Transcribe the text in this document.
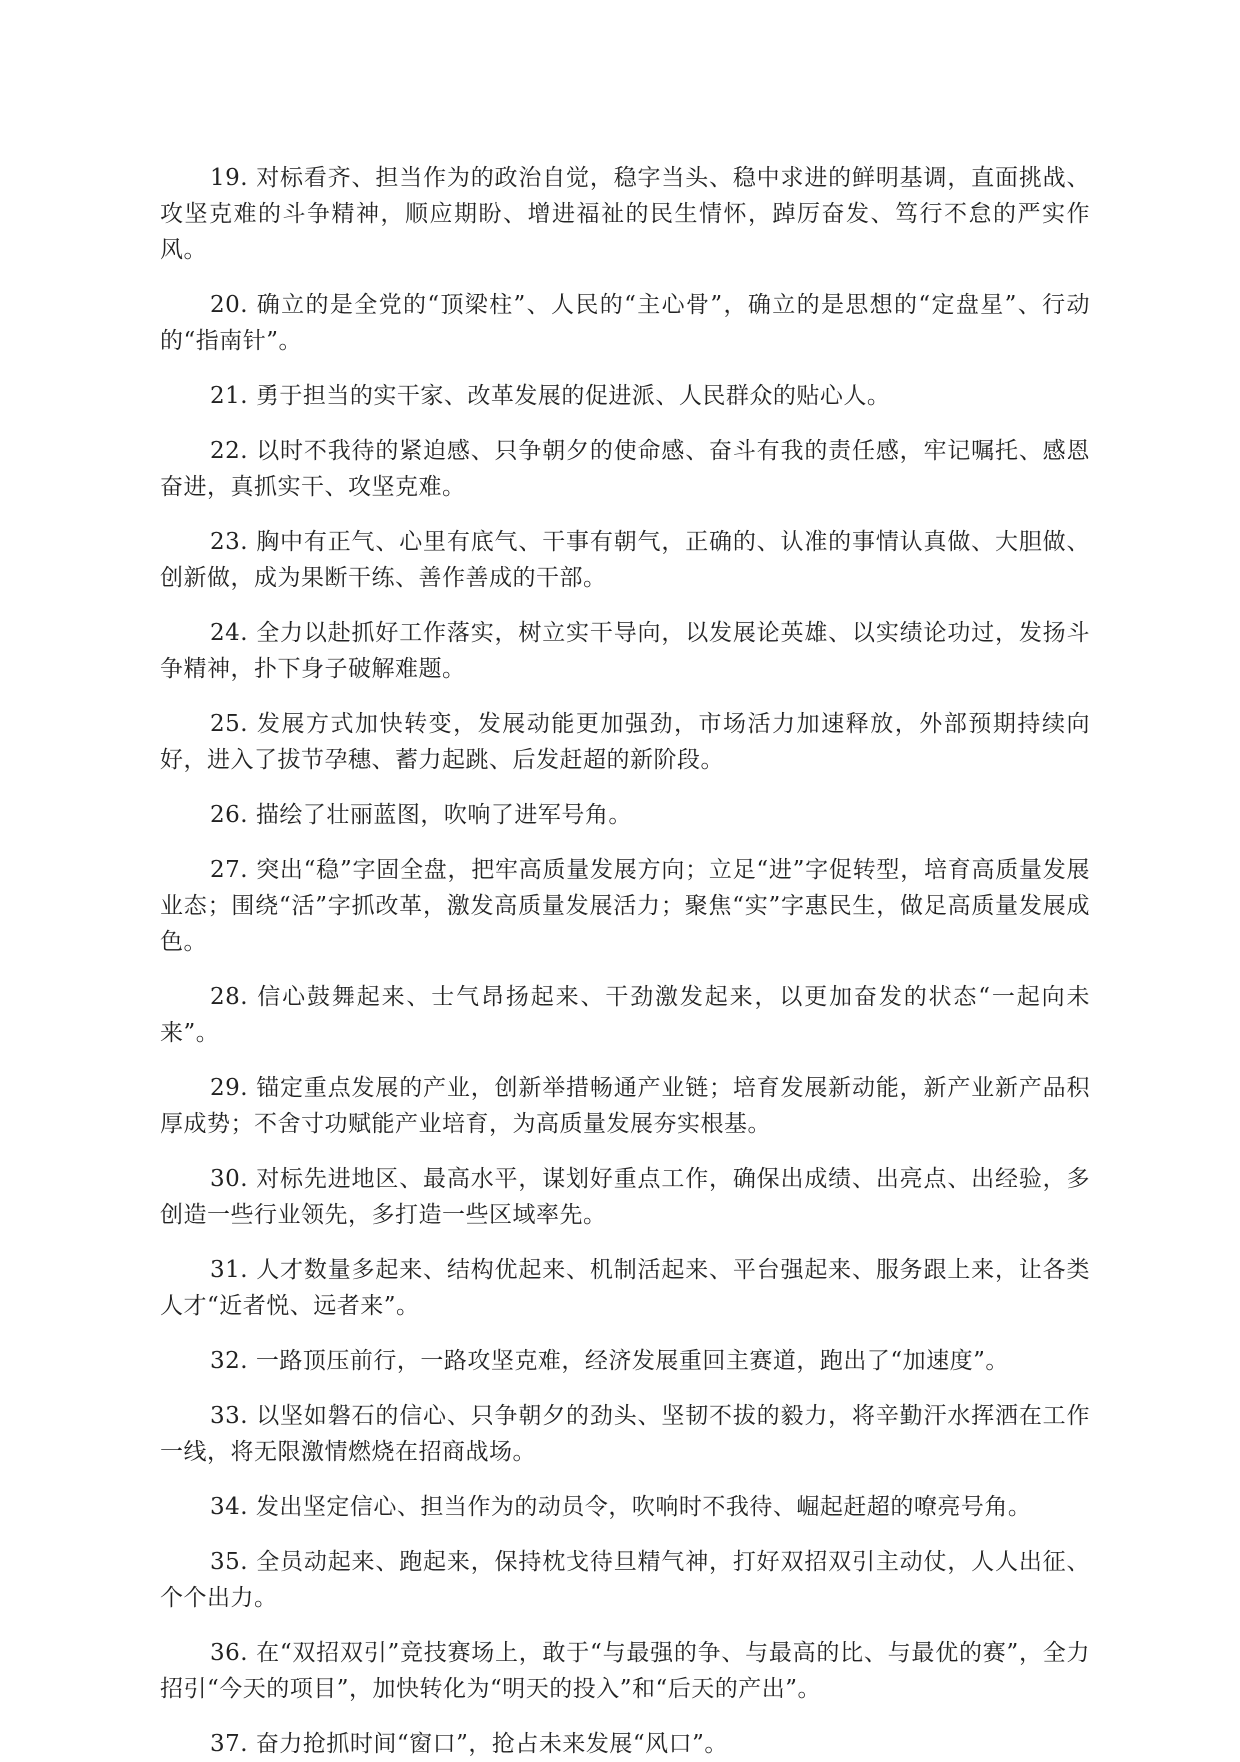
19. 对标看齐、担当作为的政治自觉，稳字当头、稳中求进的鲜明基调，直面挑战、攻坚克难的斗争精神，顺应期盼、增进福祉的民生情怀，踔厉奋发、笃行不怠的严实作风。

20. 确立的是全党的“顶梁柱”、人民的“主心骨”，确立的是思想的“定盘星”、行动的“指南针”。

21. 勇于担当的实干家、改革发展的促进派、人民群众的贴心人。

22. 以时不我待的紧迫感、只争朝夕的使命感、奋斗有我的责任感，牢记嘱托、感恩奋进，真抓实干、攻坚克难。

23. 胸中有正气、心里有底气、干事有朝气，正确的、认准的事情认真做、大胆做、创新做，成为果断干练、善作善成的干部。

24. 全力以赴抓好工作落实，树立实干导向，以发展论英雄、以实绩论功过，发扬斗争精神，扑下身子破解难题。

25. 发展方式加快转变，发展动能更加强劲，市场活力加速释放，外部预期持续向好，进入了拔节孕穗、蓄力起跳、后发赶超的新阶段。

26. 描绘了壮丽蓝图，吹响了进军号角。

27. 突出“稳”字固全盘，把牢高质量发展方向；立足“进”字促转型，培育高质量发展业态；围绕“活”字抓改革，激发高质量发展活力；聚焦“实”字惠民生，做足高质量发展成色。

28. 信心鼓舞起来、士气昂扬起来、干劲激发起来，以更加奋发的状态“一起向未来”。

29. 锚定重点发展的产业，创新举措畅通产业链；培育发展新动能，新产业新产品积厚成势；不舍寸功赋能产业培育，为高质量发展夯实根基。

30. 对标先进地区、最高水平，谋划好重点工作，确保出成绩、出亮点、出经验，多创造一些行业领先，多打造一些区域率先。

31. 人才数量多起来、结构优起来、机制活起来、平台强起来、服务跟上来，让各类人才“近者悦、远者来”。

32. 一路顶压前行，一路攻坚克难，经济发展重回主赛道，跑出了“加速度”。

33. 以坚如磐石的信心、只争朝夕的劲头、坚韧不拔的毅力，将辛勤汗水挥洒在工作一线，将无限激情燃烧在招商战场。

34. 发出坚定信心、担当作为的动员令，吹响时不我待、崛起赶超的嘹亮号角。

35. 全员动起来、跑起来，保持枕戈待旦精气神，打好双招双引主动仗，人人出征、个个出力。

36. 在“双招双引”竞技赛场上，敢于“与最强的争、与最高的比、与最优的赛”，全力招引“今天的项目”，加快转化为“明天的投入”和“后天的产出”。

37. 奋力抢抓时间“窗口”，抢占未来发展“风口”。
